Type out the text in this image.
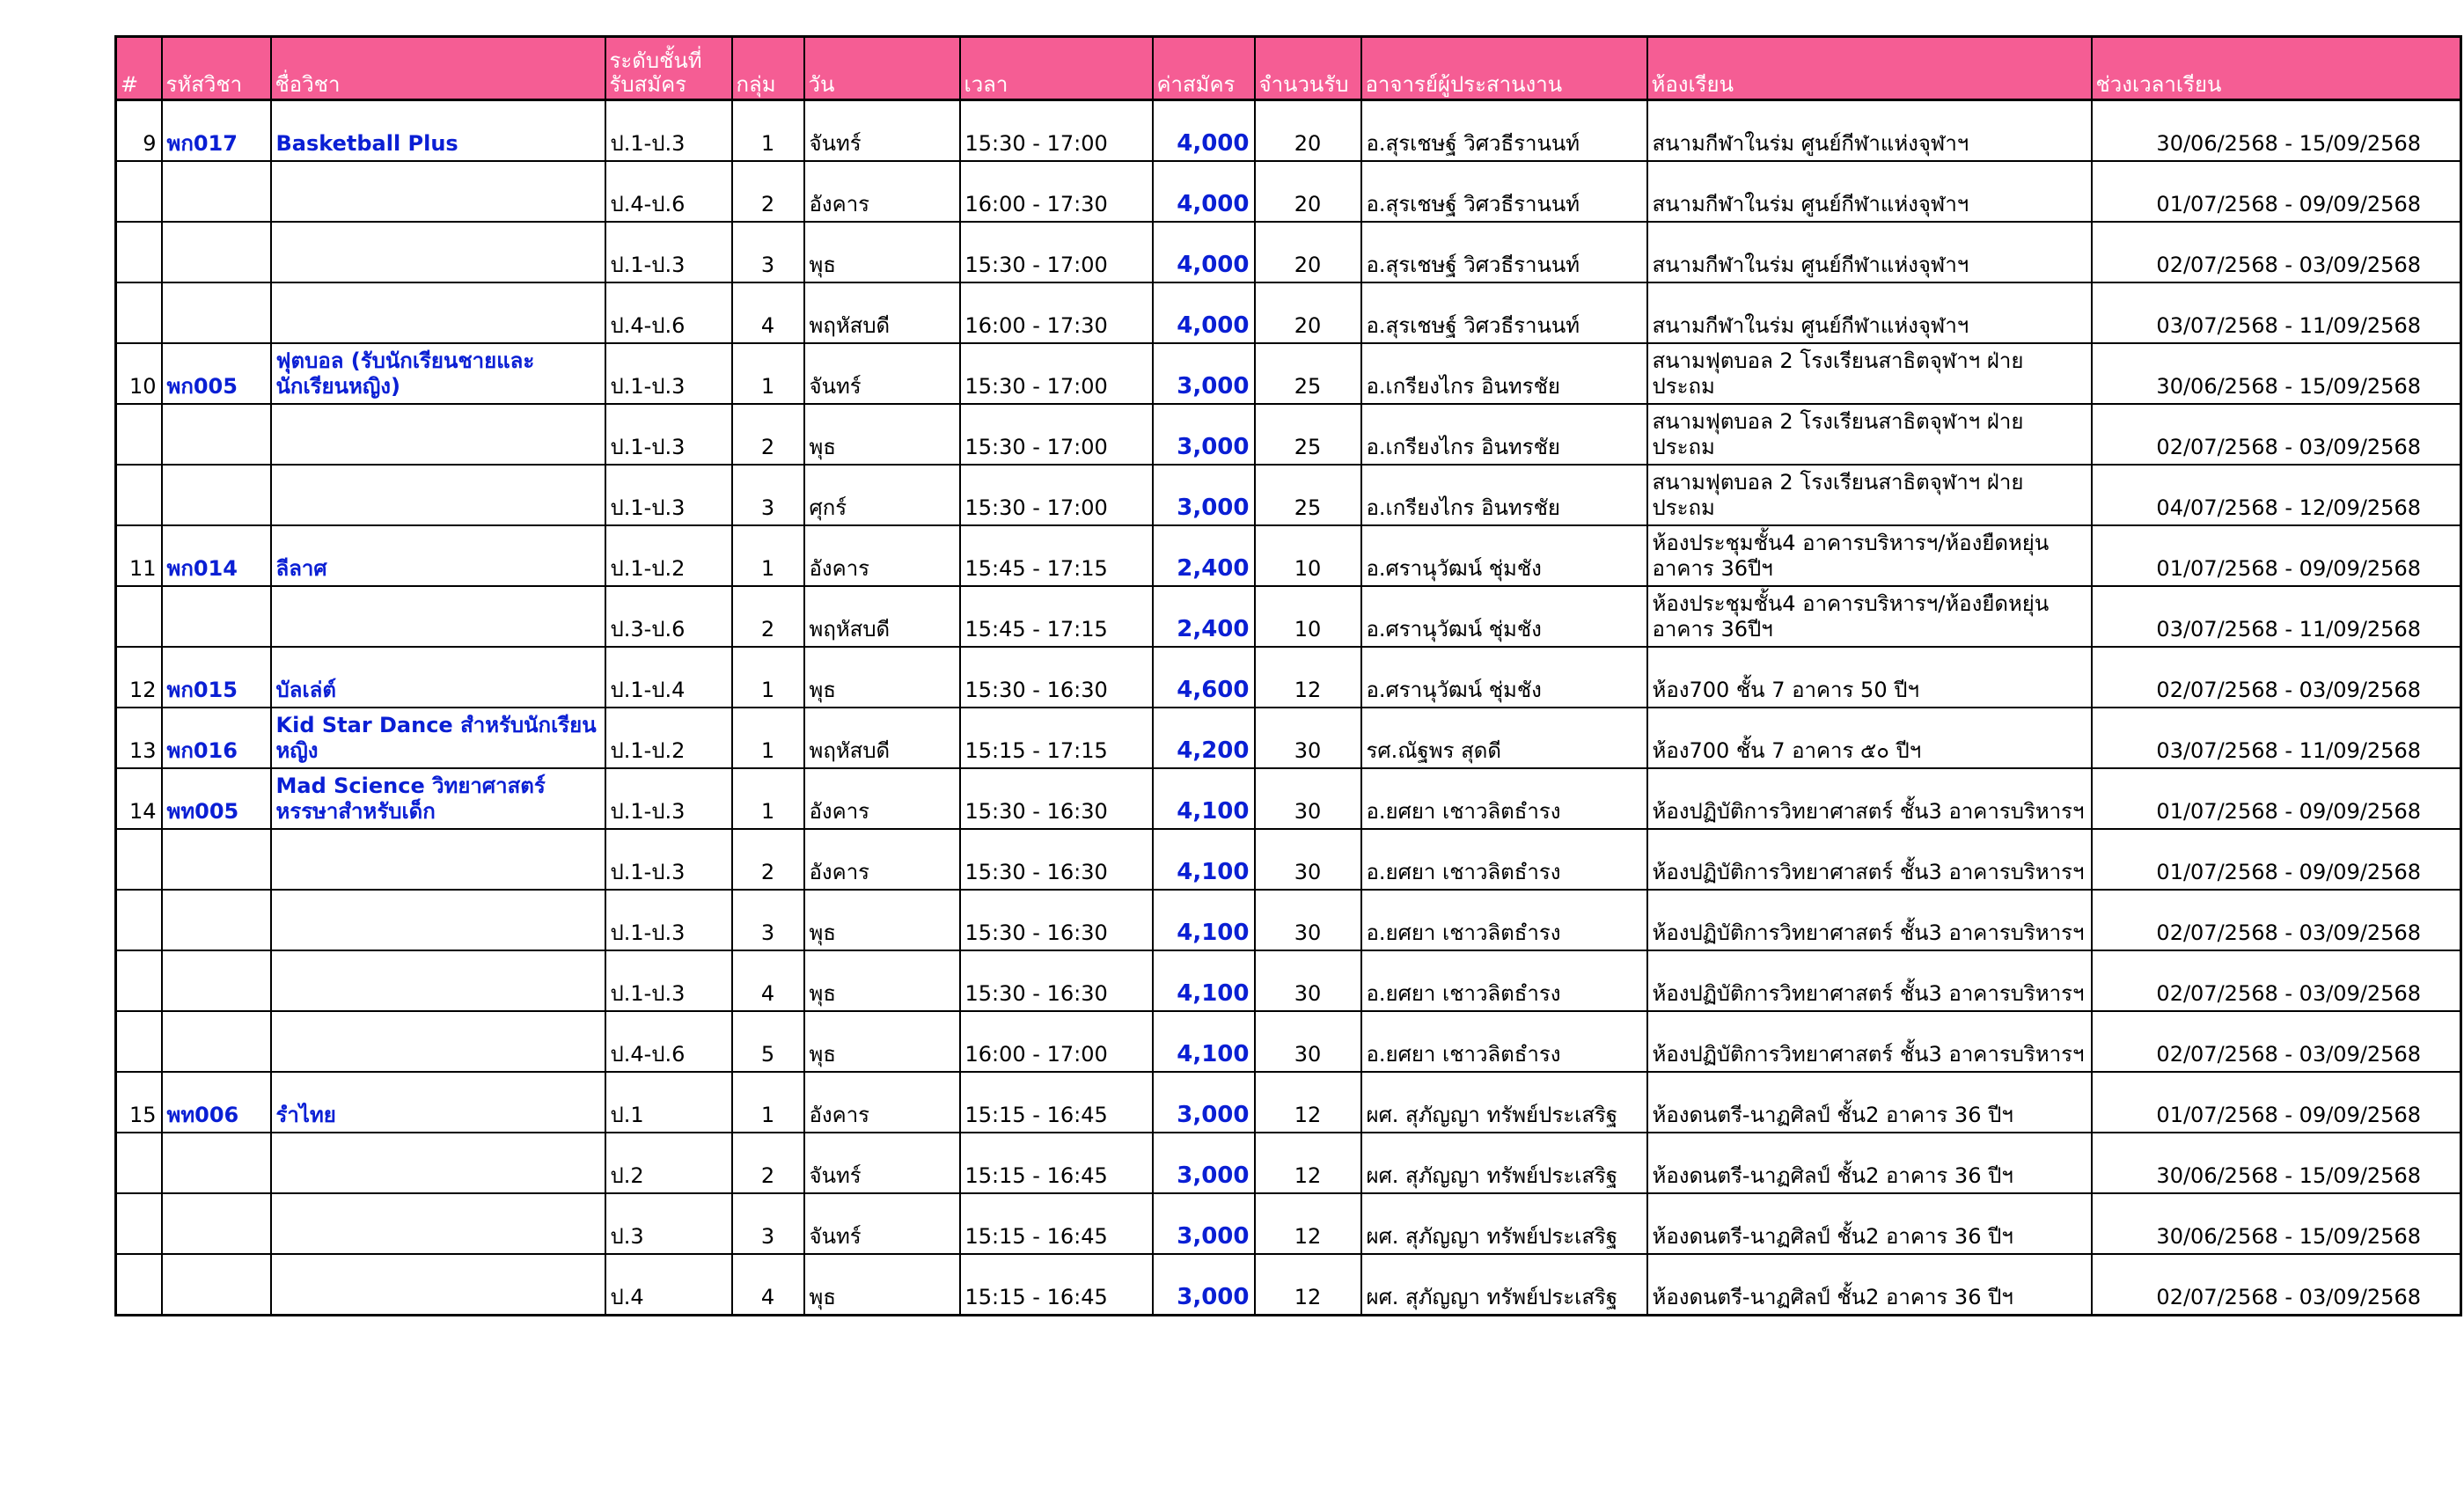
#	รหัสวิชา	ชื่อวิชา	ระดับชั้นที่ รับสมัคร	กลุ่ม	วัน	เวลา	ค่าสมัคร	จำนวนรับ	อาจารย์ผู้ประสานงาน	ห้องเรียน	ช่วงเวลาเรียน
9	พก017	Basketball Plus	ป.1-ป.3	1	จันทร์	15:30 - 17:00	4,000	20	อ.สุรเชษฐ์ วิศวธีรานนท์	สนามกีฬาในร่ม ศูนย์กีฬาแห่งจุฬาฯ	30/06/2568 - 15/09/2568
			ป.4-ป.6	2	อังคาร	16:00 - 17:30	4,000	20	อ.สุรเชษฐ์ วิศวธีรานนท์	สนามกีฬาในร่ม ศูนย์กีฬาแห่งจุฬาฯ	01/07/2568 - 09/09/2568
			ป.1-ป.3	3	พุธ	15:30 - 17:00	4,000	20	อ.สุรเชษฐ์ วิศวธีรานนท์	สนามกีฬาในร่ม ศูนย์กีฬาแห่งจุฬาฯ	02/07/2568 - 03/09/2568
			ป.4-ป.6	4	พฤหัสบดี	16:00 - 17:30	4,000	20	อ.สุรเชษฐ์ วิศวธีรานนท์	สนามกีฬาในร่ม ศูนย์กีฬาแห่งจุฬาฯ	03/07/2568 - 11/09/2568
10	พก005	ฟุตบอล (รับนักเรียนชายและนักเรียนหญิง)	ป.1-ป.3	1	จันทร์	15:30 - 17:00	3,000	25	อ.เกรียงไกร อินทรชัย	สนามฟุตบอล 2 โรงเรียนสาธิตจุฬาฯ ฝ่ายประถม	30/06/2568 - 15/09/2568
			ป.1-ป.3	2	พุธ	15:30 - 17:00	3,000	25	อ.เกรียงไกร อินทรชัย	สนามฟุตบอล 2 โรงเรียนสาธิตจุฬาฯ ฝ่ายประถม	02/07/2568 - 03/09/2568
			ป.1-ป.3	3	ศุกร์	15:30 - 17:00	3,000	25	อ.เกรียงไกร อินทรชัย	สนามฟุตบอล 2 โรงเรียนสาธิตจุฬาฯ ฝ่ายประถม	04/07/2568 - 12/09/2568
11	พก014	ลีลาศ	ป.1-ป.2	1	อังคาร	15:45 - 17:15	2,400	10	อ.ศรานุวัฒน์ ชุ่มชัง	ห้องประชุมชั้น4 อาคารบริหารฯ/ห้องยืดหยุ่น อาคาร 36ปีฯ	01/07/2568 - 09/09/2568
			ป.3-ป.6	2	พฤหัสบดี	15:45 - 17:15	2,400	10	อ.ศรานุวัฒน์ ชุ่มชัง	ห้องประชุมชั้น4 อาคารบริหารฯ/ห้องยืดหยุ่น อาคาร 36ปีฯ	03/07/2568 - 11/09/2568
12	พก015	บัลเล่ต์	ป.1-ป.4	1	พุธ	15:30 - 16:30	4,600	12	อ.ศรานุวัฒน์ ชุ่มชัง	ห้อง700 ชั้น 7 อาคาร 50 ปีฯ	02/07/2568 - 03/09/2568
13	พก016	Kid Star Dance สำหรับนักเรียนหญิง	ป.1-ป.2	1	พฤหัสบดี	15:15 - 17:15	4,200	30	รศ.ณัฐพร สุดดี	ห้อง700 ชั้น 7 อาคาร ๕๐ ปีฯ	03/07/2568 - 11/09/2568
14	พท005	Mad Science วิทยาศาสตร์หรรษาสำหรับเด็ก	ป.1-ป.3	1	อังคาร	15:30 - 16:30	4,100	30	อ.ยศยา เชาวลิตธำรง	ห้องปฏิบัติการวิทยาศาสตร์ ชั้น3 อาคารบริหารฯ	01/07/2568 - 09/09/2568
			ป.1-ป.3	2	อังคาร	15:30 - 16:30	4,100	30	อ.ยศยา เชาวลิตธำรง	ห้องปฏิบัติการวิทยาศาสตร์ ชั้น3 อาคารบริหารฯ	01/07/2568 - 09/09/2568
			ป.1-ป.3	3	พุธ	15:30 - 16:30	4,100	30	อ.ยศยา เชาวลิตธำรง	ห้องปฏิบัติการวิทยาศาสตร์ ชั้น3 อาคารบริหารฯ	02/07/2568 - 03/09/2568
			ป.1-ป.3	4	พุธ	15:30 - 16:30	4,100	30	อ.ยศยา เชาวลิตธำรง	ห้องปฏิบัติการวิทยาศาสตร์ ชั้น3 อาคารบริหารฯ	02/07/2568 - 03/09/2568
			ป.4-ป.6	5	พุธ	16:00 - 17:00	4,100	30	อ.ยศยา เชาวลิตธำรง	ห้องปฏิบัติการวิทยาศาสตร์ ชั้น3 อาคารบริหารฯ	02/07/2568 - 03/09/2568
15	พท006	รำไทย	ป.1	1	อังคาร	15:15 - 16:45	3,000	12	ผศ. สุภัญญา ทรัพย์ประเสริฐ	ห้องดนตรี-นาฏศิลป์ ชั้น2 อาคาร 36 ปีฯ	01/07/2568 - 09/09/2568
			ป.2	2	จันทร์	15:15 - 16:45	3,000	12	ผศ. สุภัญญา ทรัพย์ประเสริฐ	ห้องดนตรี-นาฏศิลป์ ชั้น2 อาคาร 36 ปีฯ	30/06/2568 - 15/09/2568
			ป.3	3	จันทร์	15:15 - 16:45	3,000	12	ผศ. สุภัญญา ทรัพย์ประเสริฐ	ห้องดนตรี-นาฏศิลป์ ชั้น2 อาคาร 36 ปีฯ	30/06/2568 - 15/09/2568
			ป.4	4	พุธ	15:15 - 16:45	3,000	12	ผศ. สุภัญญา ทรัพย์ประเสริฐ	ห้องดนตรี-นาฏศิลป์ ชั้น2 อาคาร 36 ปีฯ	02/07/2568 - 03/09/2568
